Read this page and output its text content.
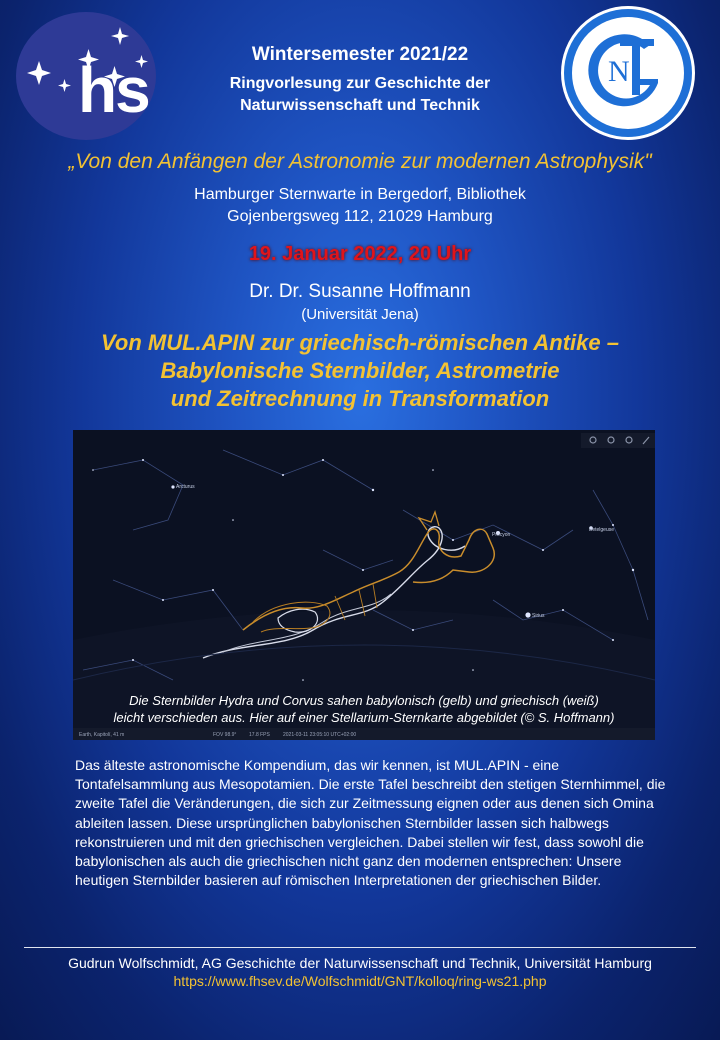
hs	N
Wintersemester 2021/22
Ringvorlesung zur Geschichte der
Naturwissenschaft und Technik
„Von den Anfängen der Astronomie zur modernen Astrophysik"
Hamburger Sternwarte in Bergedorf, Bibliothek
Gojenbergsweg 112, 21029 Hamburg
19. Januar 2022, 20 Uhr
Dr. Dr. Susanne Hoffmann
(Universität Jena)
Von MUL.APIN zur griechisch-römischen Antike –
Babylonische Sternbilder, Astrometrie
und Zeitrechnung in Transformation
Arcturus
Procyon
Betelgeuse
Sirius
Earth, Kapitolí, 41 m	FOV 98.9°	17.8 FPS	2021-03-11 23:05:10 UTC+02:00
Die Sternbilder Hydra und Corvus sahen babylonisch (gelb) und griechisch (weiß)
leicht verschieden aus. Hier auf einer Stellarium-Sternkarte abgebildet (© S. Hoffmann)
Das älteste astronomische Kompendium, das wir kennen, ist MUL.APIN - eine Tontafelsammlung aus Mesopotamien. Die erste Tafel beschreibt den stetigen Sternhimmel, die zweite Tafel die Veränderungen, die sich zur Zeitmessung eignen oder aus denen sich Omina ableiten lassen. Diese ursprünglichen babylonischen Sternbilder lassen sich halbwegs rekonstruieren und mit den griechischen vergleichen. Dabei stellen wir fest, dass sowohl die babylonischen als auch die griechischen nicht ganz den modernen entsprechen: Unsere heutigen Sternbilder basieren auf römischen Interpretationen der griechischen Bilder.
Gudrun Wolfschmidt, AG Geschichte der Naturwissenschaft und Technik, Universität Hamburg
https://www.fhsev.de/Wolfschmidt/GNT/kolloq/ring-ws21.php
